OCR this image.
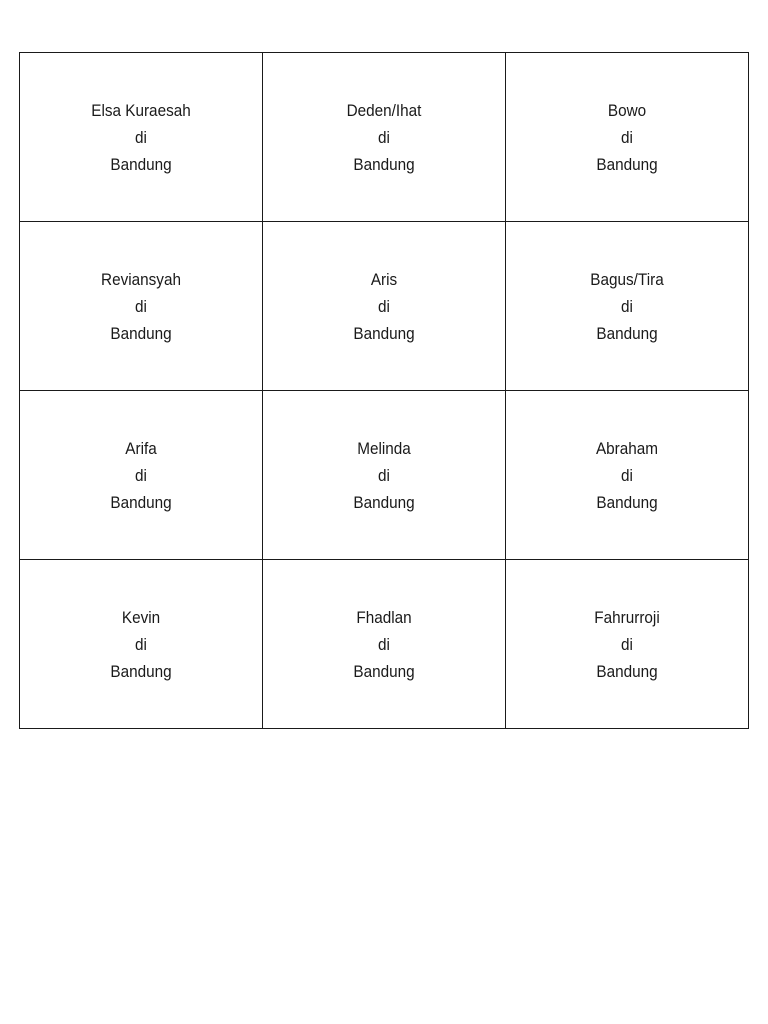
Elsa Kuraesah
di
Bandung	Deden/Ihat
di
Bandung	Bowo
di
Bandung

Reviansyah
di
Bandung	Aris
di
Bandung	Bagus/Tira
di
Bandung

Arifa
di
Bandung	Melinda
di
Bandung	Abraham
di
Bandung

Kevin
di
Bandung	Fhadlan
di
Bandung	Fahrurroji
di
Bandung
